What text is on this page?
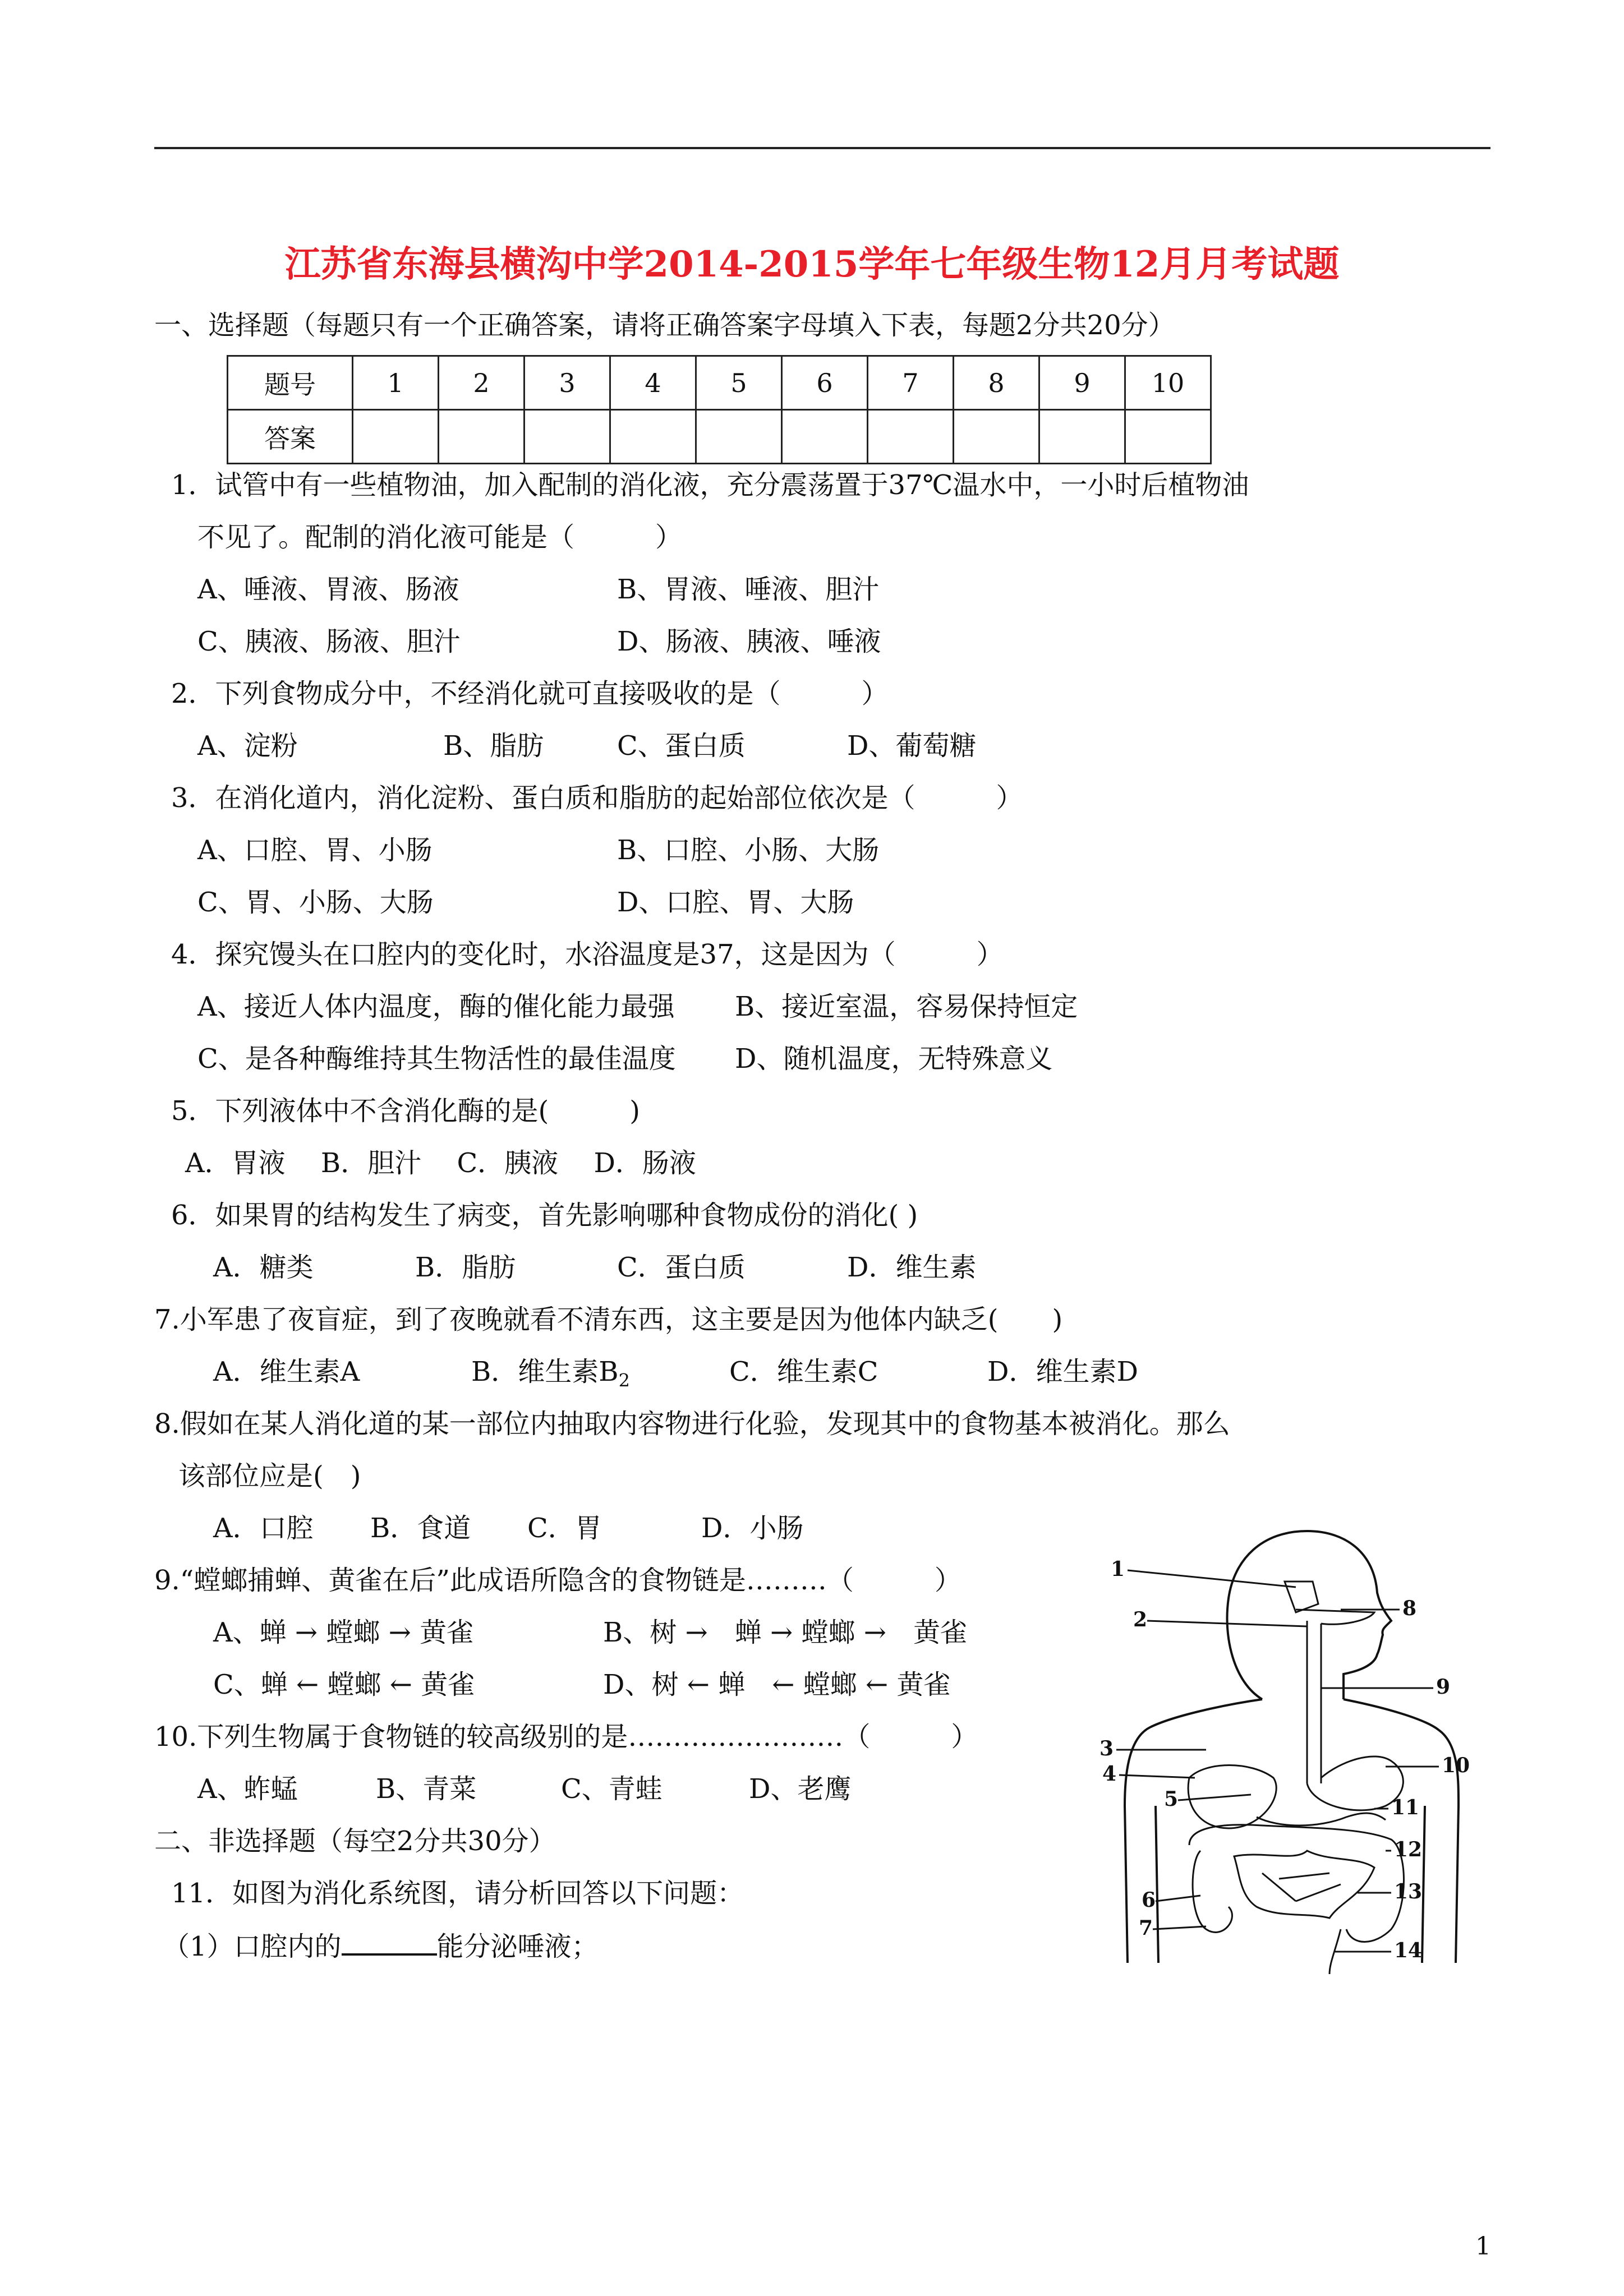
江苏省东海县横沟中学2014-2015学年七年级生物12月月考试题
一、选择题（每题只有一个正确答案，请将正确答案字母填入下表，每题2分共20分）
题号	1	2	3	4	5	6	7	8	9	10
答案										
1．试管中有一些植物油，加入配制的消化液，充分震荡置于37℃温水中，一小时后植物油
不见了。配制的消化液可能是（　　　）
A、唾液、胃液、肠液	B、胃液、唾液、胆汁
C、胰液、肠液、胆汁	D、肠液、胰液、唾液
2．下列食物成分中，不经消化就可直接吸收的是（　　　）
A、淀粉	B、脂肪	C、蛋白质	D、葡萄糖
3．在消化道内，消化淀粉、蛋白质和脂肪的起始部位依次是（　　　）
A、口腔、胃、小肠	B、口腔、小肠、大肠
C、胃、小肠、大肠	D、口腔、胃、大肠
4．探究馒头在口腔内的变化时，水浴温度是37，这是因为（　　　）
A、接近人体内温度，酶的催化能力最强 B、接近室温，容易保持恒定
C、是各种酶维持其生物活性的最佳温度 D、随机温度，无特殊意义
5．下列液体中不含消化酶的是(　　　)
A．胃液　 B．胆汁　 C．胰液　 D．肠液
6．如果胃的结构发生了病变，首先影响哪种食物成份的消化( )
A．糖类	B．脂肪	C．蛋白质	D．维生素
7.小军患了夜盲症，到了夜晚就看不清东西，这主要是因为他体内缺乏(　　)
A．维生素A	B．维生素$B_2$	C．维生素C	D．维生素D
8.假如在某人消化道的某一部位内抽取内容物进行化验，发现其中的食物基本被消化。那么
该部位应是(　)
A．口腔 B．食道 C．胃	D．小肠
9.“螳螂捕蝉、黄雀在后”此成语所隐含的食物链是………（　　　）
A、蝉 → 螳螂 → 黄雀	B、树 →　蝉 → 螳螂 →　黄雀
C、蝉 ← 螳螂 ← 黄雀	D、树 ← 蝉　← 螳螂 ← 黄雀
10.下列生物属于食物链的较高级别的是……………………（　　　）
A、蚱蜢	B、青菜	C、青蛙	D、老鹰
二、非选择题（每空2分共30分）
11．如图为消化系统图，请分析回答以下问题：
（1）口腔内的	能分泌唾液；
1
2
3
4
5
6
7
8
9
10
11
12
13
14
1
